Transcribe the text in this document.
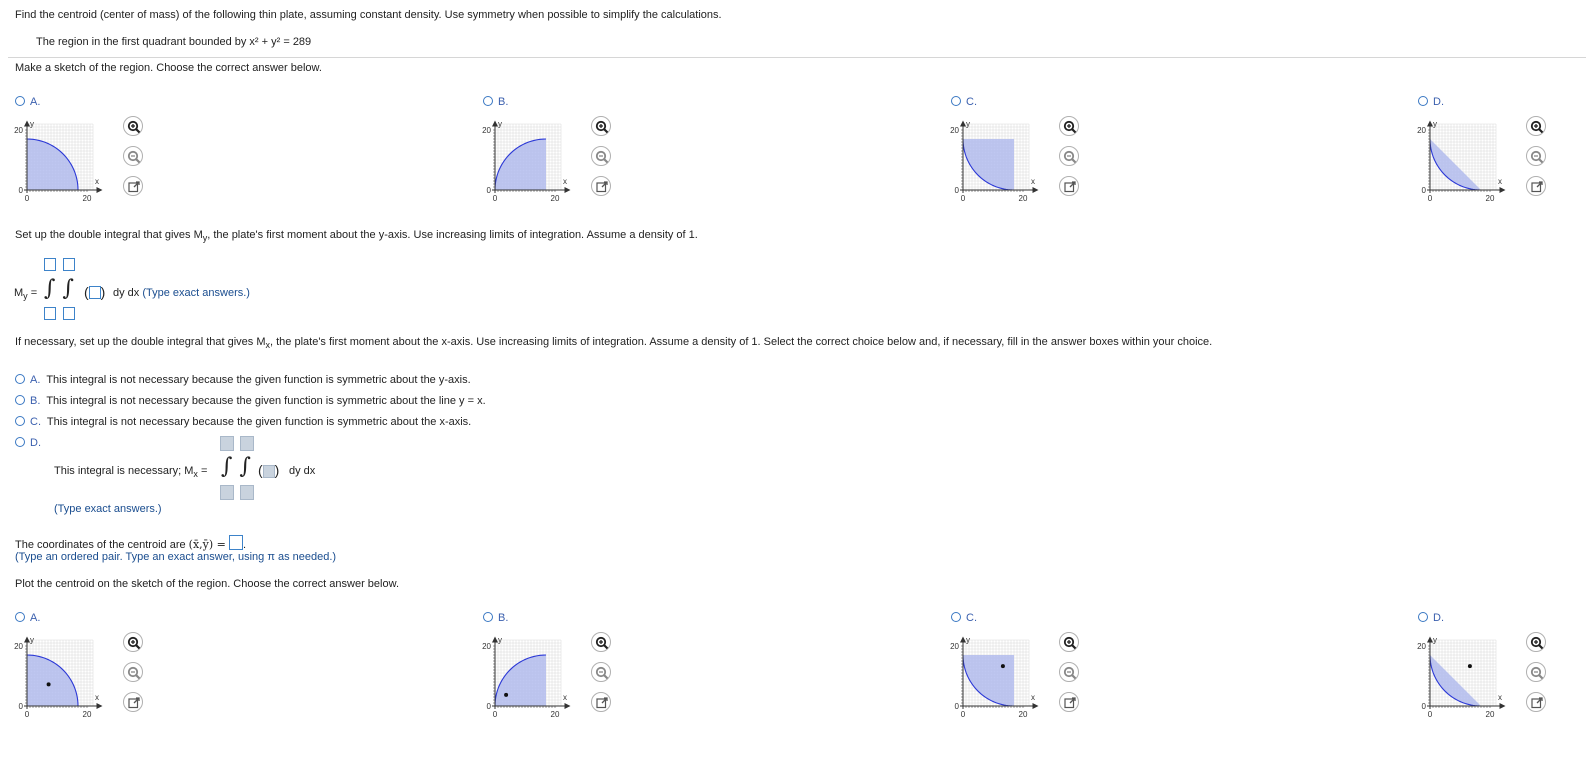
Find the centroid (center of mass) of the following thin plate, assuming constant density. Use symmetry when possible to simplify the calculations.
The region in the first quadrant bounded by x² + y² = 289
Make a sketch of the region. Choose the correct answer below.
A.
y
x
20
0
0	20
B.
y
x
20
0
0	20
C.
y
x
20
0
0	20
D.
y
x
20
0
0	20
Set up the double integral that gives $M_y$, the plate's first moment about the y-axis. Use increasing limits of integration. Assume a density of 1.

$M_y$ = ∫ ∫ ( ) dy dx (Type exact answers.)

If necessary, set up the double integral that gives $M_x$, the plate's first moment about the x-axis. Use increasing limits of integration. Assume a density of 1. Select the correct choice below and, if necessary, fill in the answer boxes within your choice.
A. This integral is not necessary because the given function is symmetric about the y-axis.
B. This integral is not necessary because the given function is symmetric about the line y = x.
C. This integral is not necessary because the given function is symmetric about the x-axis.
D.

This integral is necessary; $M_x$ = ∫ ∫ ( ) dy dx

(Type exact answers.)
The coordinates of the centroid are (x̄,ȳ) = .
(Type an ordered pair. Type an exact answer, using π as needed.)
Plot the centroid on the sketch of the region. Choose the correct answer below.
A.
y
x
20
0
0	20
B.
y
x
20
0
0	20
C.
y
x
20
0
0	20
D.
y
x
20
0
0	20
